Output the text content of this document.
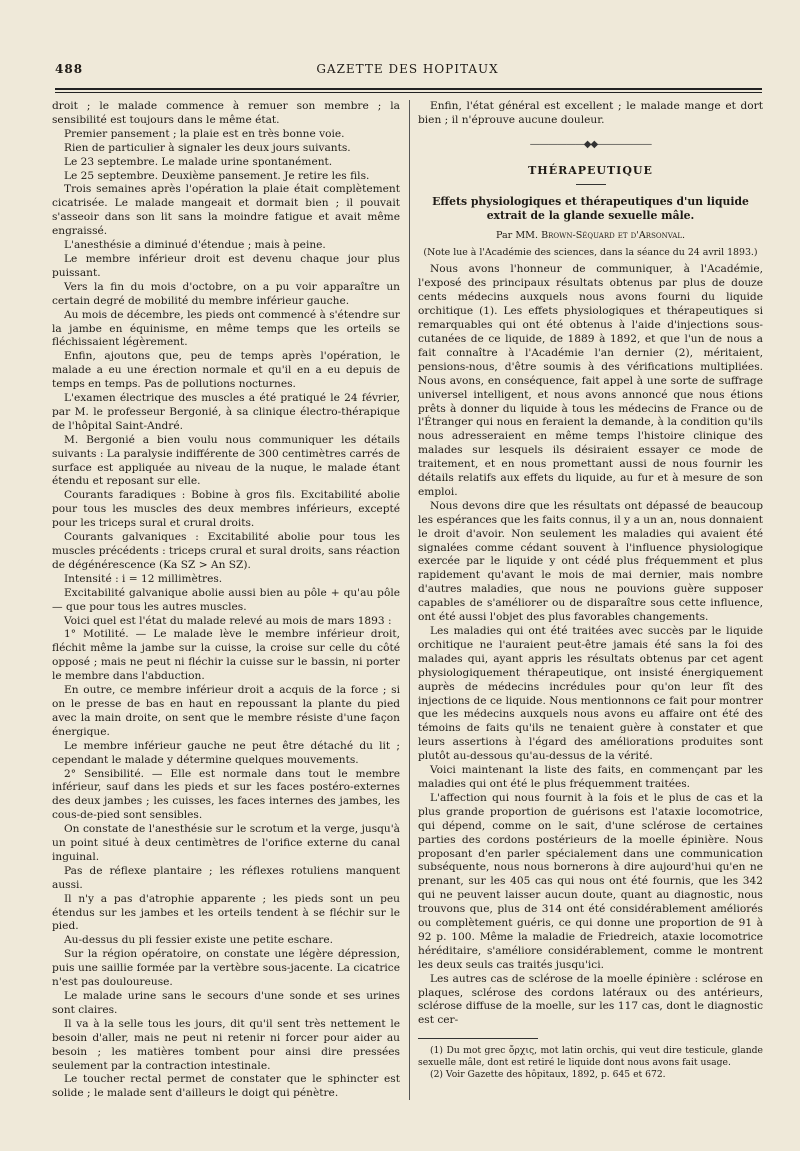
488	GAZETTE DES HOPITAUX

droit ; le malade commence à remuer son membre ; la sensibilité est toujours dans le même état.

Premier pansement ; la plaie est en très bonne voie.

Rien de particulier à signaler les deux jours suivants.

Le 23 septembre. Le malade urine spontanément.

Le 25 septembre. Deuxième pansement. Je retire les fils.

Trois semaines après l'opération la plaie était complètement cicatrisée. Le malade mangeait et dormait bien ; il pouvait s'asseoir dans son lit sans la moindre fatigue et avait même engraissé.

L'anesthésie a diminué d'étendue ; mais à peine.

Le membre inférieur droit est devenu chaque jour plus puissant.

Vers la fin du mois d'octobre, on a pu voir apparaître un certain degré de mobilité du membre inférieur gauche.

Au mois de décembre, les pieds ont commencé à s'étendre sur la jambe en équinisme, en même temps que les orteils se fléchissaient légèrement.

Enfin, ajoutons que, peu de temps après l'opération, le malade a eu une érection normale et qu'il en a eu depuis de temps en temps. Pas de pollutions nocturnes.

L'examen électrique des muscles a été pratiqué le 24 février, par M. le professeur Bergonié, à sa clinique électro-thérapique de l'hôpital Saint-André.

M. Bergonié a bien voulu nous communiquer les détails suivants : La paralysie indifférente de 300 centimètres carrés de surface est appliquée au niveau de la nuque, le malade étant étendu et reposant sur elle.

Courants faradiques : Bobine à gros fils. Excitabilité abolie pour tous les muscles des deux membres inférieurs, excepté pour les triceps sural et crural droits.

Courants galvaniques : Excitabilité abolie pour tous les muscles précédents : triceps crural et sural droits, sans réaction de dégénérescence (Ka SZ > An SZ).

Intensité : i = 12 millimètres.

Excitabilité galvanique abolie aussi bien au pôle + qu'au pôle — que pour tous les autres muscles.

Voici quel est l'état du malade relevé au mois de mars 1893 :

1° Motilité. — Le malade lève le membre inférieur droit, fléchit même la jambe sur la cuisse, la croise sur celle du côté opposé ; mais ne peut ni fléchir la cuisse sur le bassin, ni porter le membre dans l'abduction.

En outre, ce membre inférieur droit a acquis de la force ; si on le presse de bas en haut en repoussant la plante du pied avec la main droite, on sent que le membre résiste d'une façon énergique.

Le membre inférieur gauche ne peut être détaché du lit ; cependant le malade y détermine quelques mouvements.

2° Sensibilité. — Elle est normale dans tout le membre inférieur, sauf dans les pieds et sur les faces postéro-externes des deux jambes ; les cuisses, les faces internes des jambes, les cous-de-pied sont sensibles.

On constate de l'anesthésie sur le scrotum et la verge, jusqu'à un point situé à deux centimètres de l'orifice externe du canal inguinal.

Pas de réflexe plantaire ; les réflexes rotuliens manquent aussi.

Il n'y a pas d'atrophie apparente ; les pieds sont un peu étendus sur les jambes et les orteils tendent à se fléchir sur le pied.

Au-dessus du pli fessier existe une petite eschare.

Sur la région opératoire, on constate une légère dépression, puis une saillie formée par la vertèbre sous-jacente. La cicatrice n'est pas douloureuse.

Le malade urine sans le secours d'une sonde et ses urines sont claires.

Il va à la selle tous les jours, dit qu'il sent très nettement le besoin d'aller, mais ne peut ni retenir ni forcer pour aider au besoin ; les matières tombent pour ainsi dire pressées seulement par la contraction intestinale.

Le toucher rectal permet de constater que le sphincter est solide ; le malade sent d'ailleurs le doigt qui pénètre.

Enfin, l'état général est excellent ; le malade mange et dort bien ; il n'éprouve aucune douleur.

——————◆◆——————
THÉRAPEUTIQUE
Effets physiologiques et thérapeutiques d'un liquide extrait de la glande sexuelle mâle.
Par MM. Brown-Séquard et d'Arsonval.
(Note lue à l'Académie des sciences, dans la séance du 24 avril 1893.)

Nous avons l'honneur de communiquer, à l'Académie, l'exposé des principaux résultats obtenus par plus de douze cents médecins auxquels nous avons fourni du liquide orchitique (1). Les effets physiologiques et thérapeutiques si remarquables qui ont été obtenus à l'aide d'injections sous-cutanées de ce liquide, de 1889 à 1892, et que l'un de nous a fait connaître à l'Académie l'an dernier (2), méritaient, pensions-nous, d'être soumis à des vérifications multipliées. Nous avons, en conséquence, fait appel à une sorte de suffrage universel intelligent, et nous avons annoncé que nous étions prêts à donner du liquide à tous les médecins de France ou de l'Étranger qui nous en feraient la demande, à la condition qu'ils nous adresseraient en même temps l'histoire clinique des malades sur lesquels ils désiraient essayer ce mode de traitement, et en nous promettant aussi de nous fournir les détails relatifs aux effets du liquide, au fur et à mesure de son emploi.

Nous devons dire que les résultats ont dépassé de beaucoup les espérances que les faits connus, il y a un an, nous donnaient le droit d'avoir. Non seulement les maladies qui avaient été signalées comme cédant souvent à l'influence physiologique exercée par le liquide y ont cédé plus fréquemment et plus rapidement qu'avant le mois de mai dernier, mais nombre d'autres maladies, que nous ne pouvions guère supposer capables de s'améliorer ou de disparaître sous cette influence, ont été aussi l'objet des plus favorables changements.

Les maladies qui ont été traitées avec succès par le liquide orchitique ne l'auraient peut-être jamais été sans la foi des malades qui, ayant appris les résultats obtenus par cet agent physiologiquement thérapeutique, ont insisté énergiquement auprès de médecins incrédules pour qu'on leur fît des injections de ce liquide. Nous mentionnons ce fait pour montrer que les médecins auxquels nous avons eu affaire ont été des témoins de faits qu'ils ne tenaient guère à constater et que leurs assertions à l'égard des améliorations produites sont plutôt au-dessous qu'au-dessus de la vérité.

Voici maintenant la liste des faits, en commençant par les maladies qui ont été le plus fréquemment traitées.

L'affection qui nous fournit à la fois et le plus de cas et la plus grande proportion de guérisons est l'ataxie locomotrice, qui dépend, comme on le sait, d'une sclérose de certaines parties des cordons postérieurs de la moelle épinière. Nous proposant d'en parler spécialement dans une communication subséquente, nous nous bornerons à dire aujourd'hui qu'en ne prenant, sur les 405 cas qui nous ont été fournis, que les 342 qui ne peuvent laisser aucun doute, quant au diagnostic, nous trouvons que, plus de 314 ont été considérablement améliorés ou complètement guéris, ce qui donne une proportion de 91 à 92 p. 100. Même la maladie de Friedreich, ataxie locomotrice héréditaire, s'améliore considérablement, comme le montrent les deux seuls cas traités jusqu'ici.

Les autres cas de sclérose de la moelle épinière : sclérose en plaques, sclérose des cordons latéraux ou des antérieurs, sclérose diffuse de la moelle, sur les 117 cas, dont le diagnostic est cer-

(1) Du mot grec ὄρχις, mot latin orchis, qui veut dire testicule, glande sexuelle mâle, dont est retiré le liquide dont nous avons fait usage.

(2) Voir Gazette des hôpitaux, 1892, p. 645 et 672.
